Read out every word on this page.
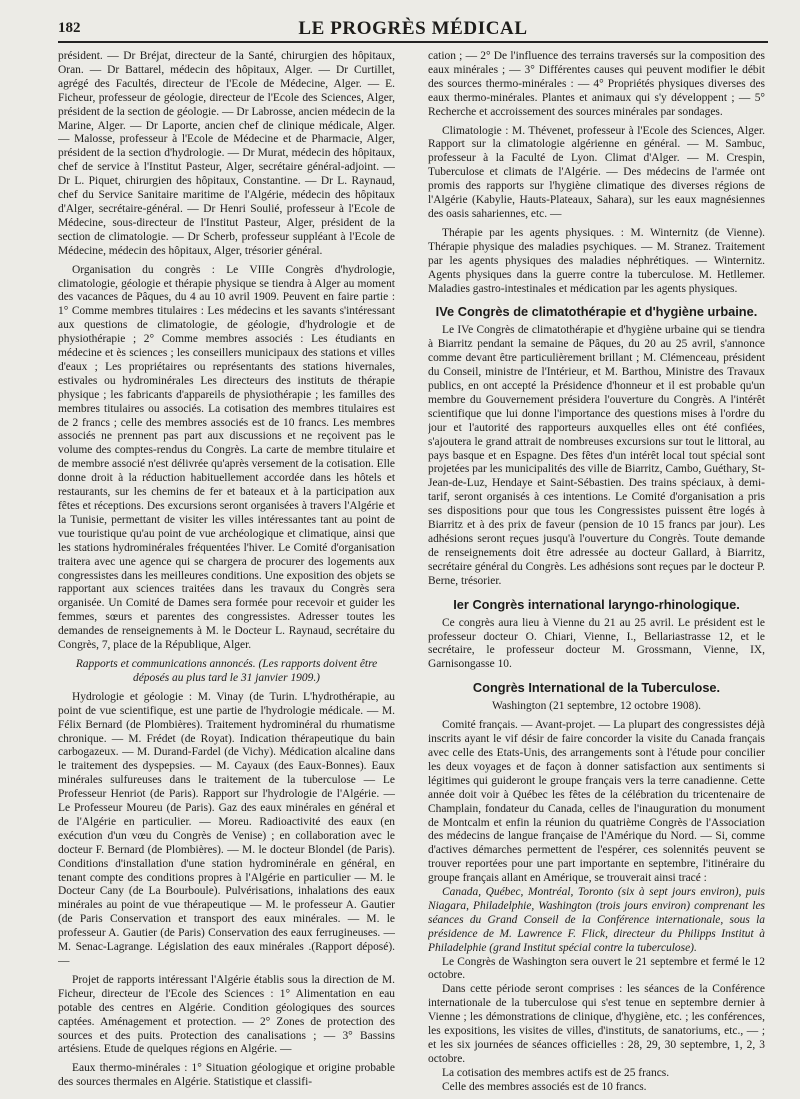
182	LE PROGRÈS MÉDICAL

président. — Dr Bréjat, directeur de la Santé, chirurgien des hôpitaux, Oran. — Dr Battarel, médecin des hôpitaux, Alger. — Dr Curtillet, agrégé des Facultés, directeur de l'Ecole de Médecine, Alger. — E. Ficheur, professeur de géologie, directeur de l'Ecole des Sciences, Alger, président de la section de géologie. — Dr Labrosse, ancien médecin de la Marine, Alger. — Dr Laporte, ancien chef de clinique médicale, Alger. — Malosse, professeur à l'Ecole de Médecine et de Pharmacie, Alger, président de la section d'hydrologie. — Dr Murat, médecin des hôpitaux, chef de service à l'Institut Pasteur, Alger, secrétaire général-adjoint. — Dr L. Piquet, chirurgien des hôpitaux, Constantine. — Dr L. Raynaud, chef du Service Sanitaire maritime de l'Algérie, médecin des hôpitaux d'Alger, secrétaire-général. — Dr Henri Soulié, professeur à l'Ecole de Médecine, sous-directeur de l'Institut Pasteur, Alger, président de la section de climatologie. — Dr Scherb, professeur suppléant à l'Ecole de Médecine, médecin des hôpitaux, Alger, trésorier général.

Organisation du congrès : Le VIIIe Congrès d'hydrologie, climatologie, géologie et thérapie physique se tiendra à Alger au moment des vacances de Pâques, du 4 au 10 avril 1909. Peuvent en faire partie : 1° Comme membres titulaires : Les médecins et les savants s'intéressant aux questions de climatologie, de géologie, d'hydrologie et de physiothérapie ; 2° Comme membres associés : Les étudiants en médecine et ès sciences ; les conseillers municipaux des stations et villes d'eaux ; Les propriétaires ou représentants des stations hivernales, estivales ou hydrominérales Les directeurs des instituts de thérapie physique ; les fabricants d'appareils de physiothérapie ; les familles des membres titulaires ou associés. La cotisation des membres titulaires est de 2 francs ; celle des membres associés est de 10 francs. Les membres associés ne prennent pas part aux discussions et ne reçoivent pas le volume des comptes-rendus du Congrès. La carte de membre titulaire et de membre associé n'est délivrée qu'après versement de la cotisation. Elle donne droit à la réduction habituellement accordée dans les hôtels et restaurants, sur les chemins de fer et bateaux et à la participation aux fêtes et réceptions. Des excursions seront organisées à travers l'Algérie et la Tunisie, permettant de visiter les villes intéressantes tant au point de vue touristique qu'au point de vue archéologique et climatique, ainsi que les stations hydrominérales fréquentées l'hiver. Le Comité d'organisation traitera avec une agence qui se chargera de procurer des logements aux congressistes dans les meilleures conditions. Une exposition des objets se rapportant aux sciences traitées dans les travaux du Congrès sera organisée. Un Comité de Dames sera formée pour recevoir et guider les femmes, sœurs et parentes des congressistes. Adresser toutes les demandes de renseignements à M. le Docteur L. Raynaud, secrétaire du Congrès, 7, place de la République, Alger.

Rapports et communications annoncés. (Les rapports doivent être déposés au plus tard le 31 janvier 1909.)

Hydrologie et géologie : M. Vinay (de Turin. L'hydrothérapie, au point de vue scientifique, est une partie de l'hydrologie médicale. — M. Félix Bernard (de Plombières). Traitement hydrominéral du rhumatisme chronique. — M. Frédet (de Royat). Indication thérapeutique du bain carbogazeux. — M. Durand-Fardel (de Vichy). Médication alcaline dans le traitement des dyspepsies. — M. Cayaux (des Eaux-Bonnes). Eaux minérales sulfureuses dans le traitement de la tuberculose — Le Professeur Henriot (de Paris). Rapport sur l'hydrologie de l'Algérie. — Le Professeur Moureu (de Paris). Gaz des eaux minérales en général et de l'Algérie en particulier. — Moreu. Radioactivité des eaux (en exécution d'un vœu du Congrès de Venise) ; en collaboration avec le docteur F. Bernard (de Plombières). — M. le docteur Blondel (de Paris). Conditions d'installation d'une station hydrominérale en général, en tenant compte des conditions propres à l'Algérie en particulier — M. le Docteur Cany (de La Bourboule). Pulvérisations, inhalations des eaux minérales au point de vue thérapeutique — M. le professeur A. Gautier (de Paris Conservation et transport des eaux minérales. — M. le professeur A. Gautier (de Paris) Conservation des eaux ferrugineuses. — M. Senac-Lagrange. Législation des eaux minérales .(Rapport déposé). —

Projet de rapports intéressant l'Algérie établis sous la direction de M. Ficheur, directeur de l'Ecole des Sciences : 1° Alimentation en eau potable des centres en Algérie. Condition géologiques des sources captées. Aménagement et protection. — 2° Zones de protection des sources et des puits. Protection des canalisations ; — 3° Bassins artésiens. Etude de quelques régions en Algérie. —

Eaux thermo-minérales : 1° Situation géologique et origine probable des sources thermales en Algérie. Statistique et classifi-

cation ; — 2° De l'influence des terrains traversés sur la composition des eaux minérales ; — 3° Différentes causes qui peuvent modifier le débit des sources thermo-minérales : — 4° Propriétés physiques diverses des eaux thermo-minérales. Plantes et animaux qui s'y développent ; — 5° Recherche et accroissement des sources minérales par sondages.

Climatologie : M. Thévenet, professeur à l'Ecole des Sciences, Alger. Rapport sur la climatologie algérienne en général. — M. Sambuc, professeur à la Faculté de Lyon. Climat d'Alger. — M. Crespin, Tuberculose et climats de l'Algérie. — Des médecins de l'armée ont promis des rapports sur l'hygiène climatique des diverses régions de l'Algérie (Kabylie, Hauts-Plateaux, Sahara), sur les eaux magnésiennes des oasis sahariennes, etc. —

Thérapie par les agents physiques. : M. Winternitz (de Vienne). Thérapie physique des maladies psychiques. — M. Stranez. Traitement par les agents physiques des maladies néphrétiques. — Winternitz. Agents physiques dans la guerre contre la tuberculose. M. Hetllemer. Maladies gastro-intestinales et médication par les agents physiques.

IVe Congrès de climatothérapie et d'hygiène urbaine.

Le IVe Congrès de climatothérapie et d'hygiène urbaine qui se tiendra à Biarritz pendant la semaine de Pâques, du 20 au 25 avril, s'annonce comme devant être particulièrement brillant ; M. Clémenceau, président du Conseil, ministre de l'Intérieur, et M. Barthou, Ministre des Travaux publics, en ont accepté la Présidence d'honneur et il est probable qu'un membre du Gouvernement présidera l'ouverture du Congrès. A l'intérêt scientifique que lui donne l'importance des questions mises à l'ordre du jour et l'autorité des rapporteurs auxquelles elles ont été confiées, s'ajoutera le grand attrait de nombreuses excursions sur tout le littoral, au pays basque et en Espagne. Des fêtes d'un intérêt local tout spécial sont projetées par les municipalités des ville de Biarritz, Cambo, Guéthary, St-Jean-de-Luz, Hendaye et Saint-Sébastien. Des trains spéciaux, à demi-tarif, seront organisés à ces intentions. Le Comité d'organisation a pris ses dispositions pour que tous les Congressistes puissent être logés à Biarritz et à des prix de faveur (pension de 10 15 francs par jour). Les adhésions seront reçues jusqu'à l'ouverture du Congrès. Toute demande de renseignements doit être adressée au docteur Gallard, à Biarritz, secrétaire général du Congrès. Les adhésions sont reçues par le docteur P. Berne, trésorier.

Ier Congrès international laryngo-rhinologique.

Ce congrès aura lieu à Vienne du 21 au 25 avril. Le président est le professeur docteur O. Chiari, Vienne, I., Bellariastrasse 12, et le secrétaire, le professeur docteur M. Grossmann, Vienne, IX, Garnisongasse 10.

Congrès International de la Tuberculose.

Washington (21 septembre, 12 octobre 1908).

Comité français. — Avant-projet. — La plupart des congressistes déjà inscrits ayant le vif désir de faire concorder la visite du Canada français avec celle des Etats-Unis, des arrangements sont à l'étude pour concilier les deux voyages et de façon à donner satisfaction aux sentiments si légitimes qui guideront le groupe français vers la terre canadienne. Cette année doit voir à Québec les fêtes de la célébration du tricentenaire de Champlain, fondateur du Canada, celles de l'inauguration du monument de Montcalm et enfin la réunion du quatrième Congrès de l'Association des médecins de langue française de l'Amérique du Nord. — Si, comme d'actives démarches permettent de l'espérer, ces solennités peuvent se trouver reportées pour une part importante en septembre, l'itinéraire du groupe français allant en Amérique, se trouverait ainsi tracé :

Canada, Québec, Montréal, Toronto (six à sept jours environ), puis Niagara, Philadelphie, Washington (trois jours environ) comprenant les séances du Grand Conseil de la Conférence internationale, sous la présidence de M. Lawrence F. Flick, directeur du Philipps Institut à Philadelphie (grand Institut spécial contre la tuberculose).

Le Congrès de Washington sera ouvert le 21 septembre et fermé le 12 octobre.

Dans cette période seront comprises : les séances de la Conférence internationale de la tuberculose qui s'est tenue en septembre dernier à Vienne ; les démonstrations de clinique, d'hygiène, etc. ; les conférences, les expositions, les visites de villes, d'instituts, de sanatoriums, etc., — ; et les six journées de séances officielles : 28, 29, 30 septembre, 1, 2, 3 octobre.

La cotisation des membres actifs est de 25 francs.

Celle des membres associés est de 10 francs.
